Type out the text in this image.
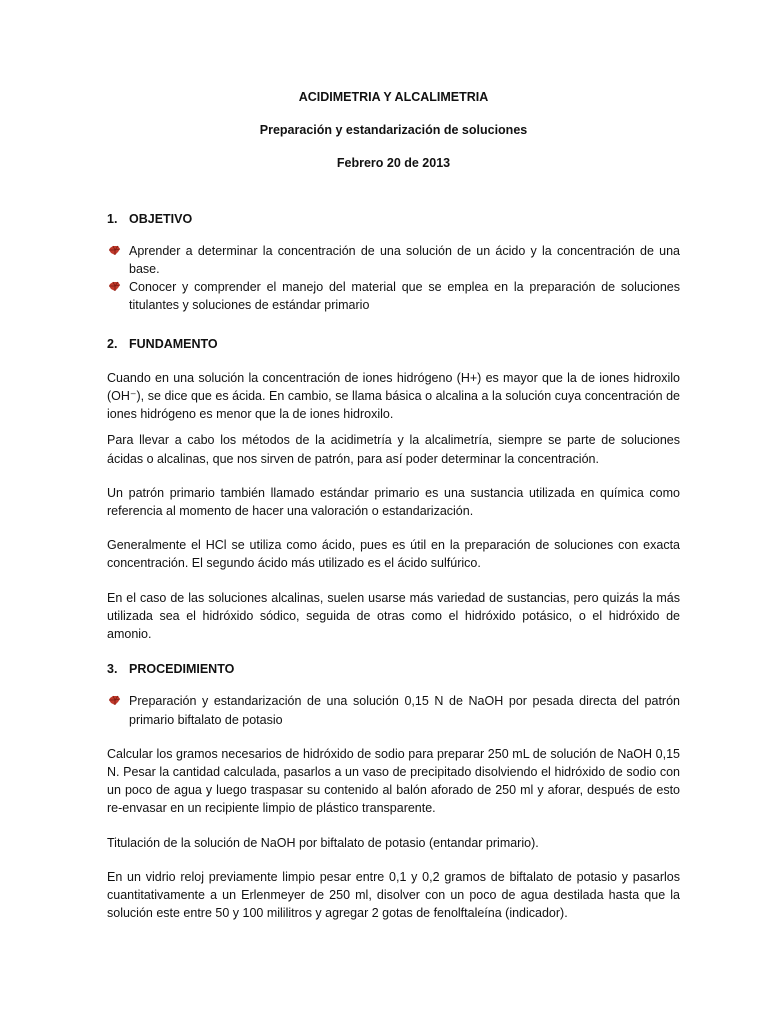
ACIDIMETRIA Y ALCALIMETRIA
Preparación y estandarización de soluciones
Febrero 20 de 2013
1. OBJETIVO
Aprender a determinar la concentración de una solución de un ácido y la concentración de una base.
Conocer y comprender el manejo del material que se emplea en la preparación de soluciones titulantes y soluciones de estándar primario
2. FUNDAMENTO

Cuando en una solución la concentración de iones hidrógeno (H+) es mayor que la de iones hidroxilo (OH⁻), se dice que es ácida. En cambio, se llama básica o alcalina a la solución cuya concentración de iones hidrógeno es menor que la de iones hidroxilo.

Para llevar a cabo los métodos de la acidimetría y la alcalimetría, siempre se parte de soluciones ácidas o alcalinas, que nos sirven de patrón, para así poder determinar la concentración.

Un patrón primario también llamado estándar primario es una sustancia utilizada en química como referencia al momento de hacer una valoración o estandarización.

Generalmente el HCl se utiliza como ácido, pues es útil en la preparación de soluciones con exacta concentración. El segundo ácido más utilizado es el ácido sulfúrico.

En el caso de las soluciones alcalinas, suelen usarse más variedad de sustancias, pero quizás la más utilizada sea el hidróxido sódico, seguida de otras como el hidróxido potásico, o el hidróxido de amonio.

3. PROCEDIMIENTO
Preparación y estandarización de una solución 0,15 N de NaOH por pesada directa del patrón primario biftalato de potasio

Calcular los gramos necesarios de hidróxido de sodio para preparar 250 mL de solución de NaOH 0,15 N. Pesar la cantidad calculada, pasarlos a un vaso de precipitado disolviendo el hidróxido de sodio con un poco de agua y luego traspasar su contenido al balón aforado de 250 ml y aforar, después de esto re-envasar en un recipiente limpio de plástico transparente.

Titulación de la solución de NaOH por biftalato de potasio (entandar primario).

En un vidrio reloj previamente limpio pesar entre 0,1 y 0,2 gramos de biftalato de potasio y pasarlos cuantitativamente a un Erlenmeyer de 250 ml, disolver con un poco de agua destilada hasta que la solución este entre 50 y 100 mililitros y agregar 2 gotas de fenolftaleína (indicador).
